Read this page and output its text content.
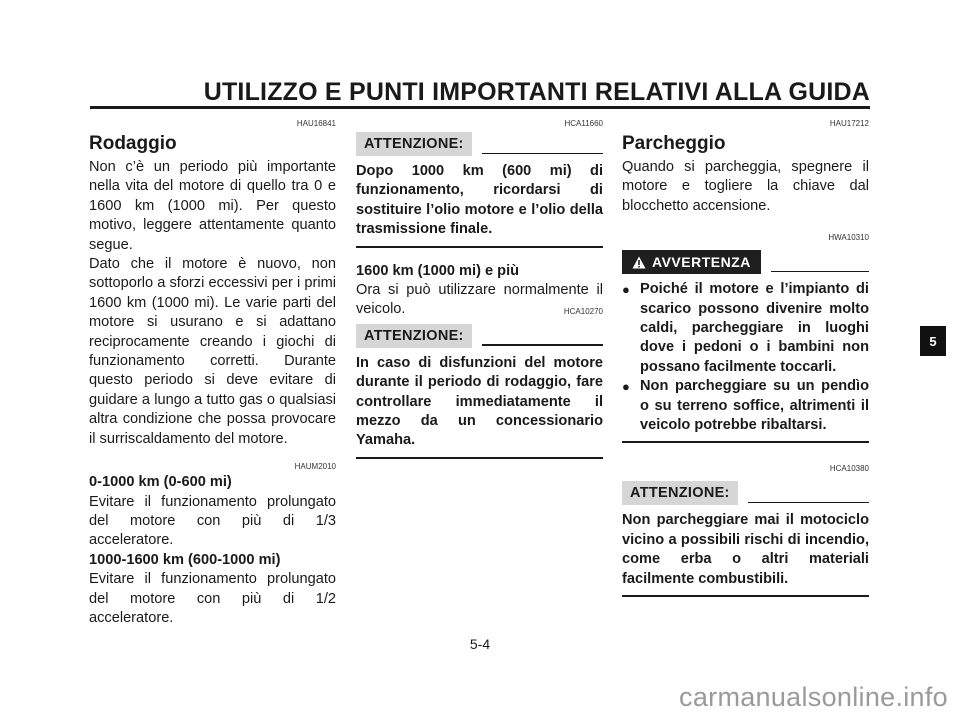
UTILIZZO E PUNTI IMPORTANTI RELATIVI ALLA GUIDA
HAU16841
Rodaggio

Non c’è un periodo più importante nella vita del motore di quello tra 0 e 1600 km (1000 mi). Per questo motivo, leggere attentamente quanto segue.

Dato che il motore è nuovo, non sottoporlo a sforzi eccessivi per i primi 1600 km (1000 mi). Le varie parti del motore si usurano e si adattano reciprocamente creando i giochi di funzionamento corretti. Durante questo periodo si deve evitare di guidare a lungo a tutto gas o qualsiasi altra condizione che possa provocare il surriscaldamento del motore.

HAUM2010
0-1000 km (0-600 mi)

Evitare il funzionamento prolungato del motore con più di 1/3 acceleratore.

1000-1600 km (600-1000 mi)

Evitare il funzionamento prolungato del motore con più di 1/2 acceleratore.

HCA11660
ATTENZIONE:

Dopo 1000 km (600 mi) di funzionamento, ricordarsi di sostituire l’olio motore e l’olio della trasmissione finale.

1600 km (1000 mi) e più

Ora si può utilizzare normalmente il veicolo.	HCA10270
ATTENZIONE:

In caso di disfunzioni del motore durante il periodo di rodaggio, fare controllare immediatamente il mezzo da un concessionario Yamaha.

HAU17212
Parcheggio

Quando si parcheggia, spegnere il motore e togliere la chiave dal blocchetto accensione.

HWA10310
AVVERTENZA
● Poiché il motore e l’impianto di scarico possono divenire molto caldi, parcheggiare in luoghi dove i pedoni o i bambini non possano facilmente toccarli.
● Non parcheggiare su un pendìo o su terreno soffice, altrimenti il veicolo potrebbe ribaltarsi.
HCA10380
ATTENZIONE:

Non parcheggiare mai il motociclo vicino a possibili rischi di incendio, come erba o altri materiali facilmente combustibili.

5
5-4
carmanualsonline.info
